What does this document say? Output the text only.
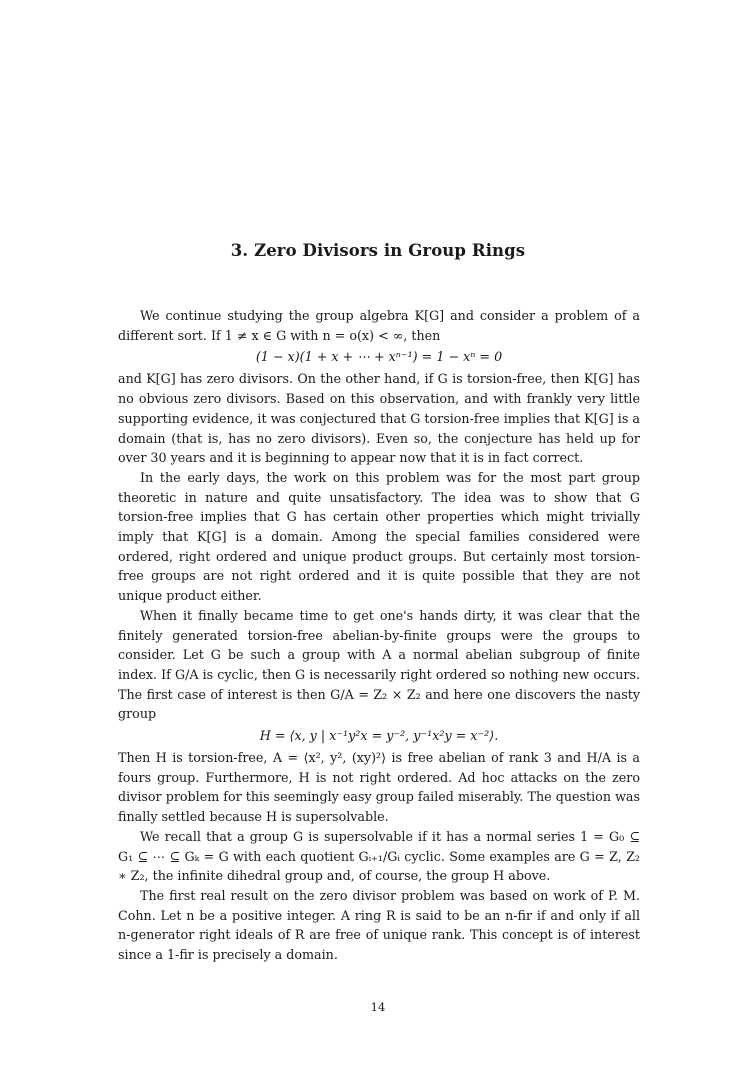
3. Zero Divisors in Group Rings

We continue studying the group algebra K[G] and consider a problem of a different sort. If 1 ≠ x ∈ G with n = o(x) < ∞, then

(1 − x)(1 + x + ⋯ + xⁿ⁻¹) = 1 − xⁿ = 0

and K[G] has zero divisors. On the other hand, if G is torsion-free, then K[G] has no obvious zero divisors. Based on this observation, and with frankly very little supporting evidence, it was conjectured that G torsion-free implies that K[G] is a domain (that is, has no zero divisors). Even so, the conjecture has held up for over 30 years and it is beginning to appear now that it is in fact correct.

In the early days, the work on this problem was for the most part group theoretic in nature and quite unsatisfactory. The idea was to show that G torsion-free implies that G has certain other properties which might trivially imply that K[G] is a domain. Among the special families considered were ordered, right ordered and unique product groups. But certainly most torsion-free groups are not right ordered and it is quite possible that they are not unique product either.

When it finally became time to get one's hands dirty, it was clear that the finitely generated torsion-free abelian-by-finite groups were the groups to consider. Let G be such a group with A a normal abelian subgroup of finite index. If G/A is cyclic, then G is necessarily right ordered so nothing new occurs. The first case of interest is then G/A = Z₂ × Z₂ and here one discovers the nasty group

H = ⟨x, y | x⁻¹y²x = y⁻², y⁻¹x²y = x⁻²⟩.

Then H is torsion-free, A = ⟨x², y², (xy)²⟩ is free abelian of rank 3 and H/A is a fours group. Furthermore, H is not right ordered. Ad hoc attacks on the zero divisor problem for this seemingly easy group failed miserably. The question was finally settled because H is supersolvable.

We recall that a group G is supersolvable if it has a normal series 1 = G₀ ⊆ G₁ ⊆ ⋯ ⊆ Gₖ = G with each quotient Gᵢ₊₁/Gᵢ cyclic. Some examples are G = Z, Z₂ ∗ Z₂, the infinite dihedral group and, of course, the group H above.

The first real result on the zero divisor problem was based on work of P. M. Cohn. Let n be a positive integer. A ring R is said to be an n-fir if and only if all n-generator right ideals of R are free of unique rank. This concept is of interest since a 1-fir is precisely a domain.

14
